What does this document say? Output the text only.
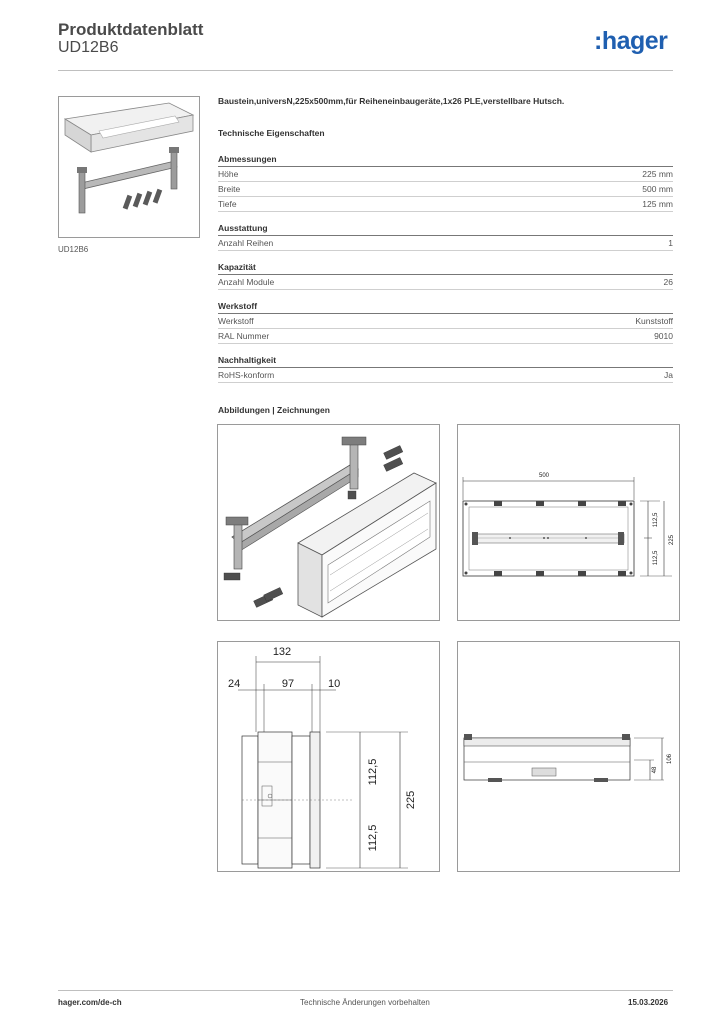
Produktdatenblatt
UD12B6	:hager
UD12B6

Baustein,universN,225x500mm,für Reiheneinbaugeräte,1x26 PLE,verstellbare Hutsch.

Technische Eigenschaften

Abmessungen
Höhe	225 mm
Breite	500 mm
Tiefe	125 mm
Ausstattung
Anzahl Reihen	1
Kapazität
Anzahl Module	26
Werkstoff
Werkstoff	Kunststoff
RAL Nummer	9010
Nachhaltigkeit
RoHS-konform	Ja
Abbildungen | Zeichnungen
500
112,5
112,5
225
132
24	97	10
112,5
112,5
225
48
106
hager.com/de-ch	Technische Änderungen vorbehalten	15.03.2026
